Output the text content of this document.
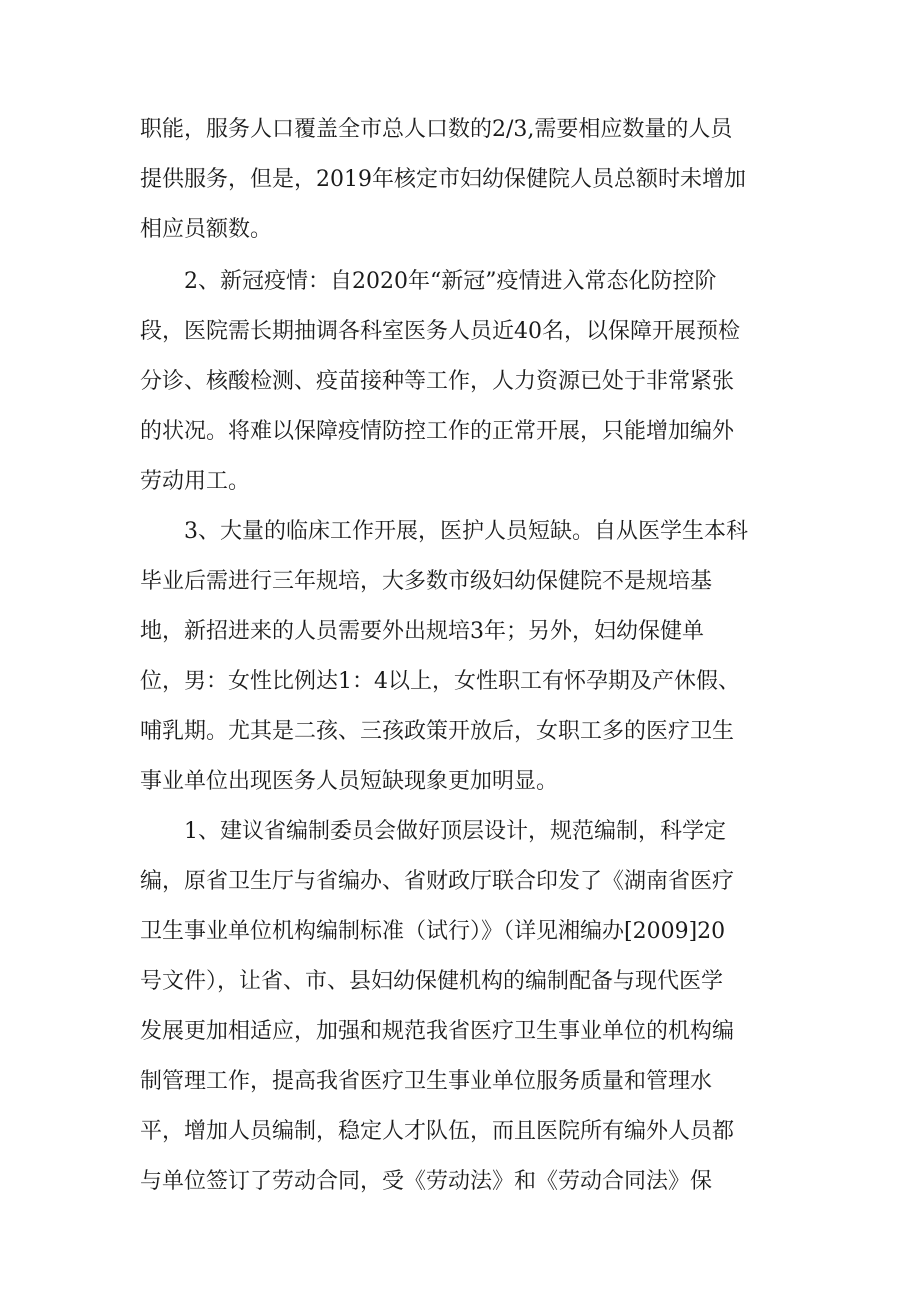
职能，服务人口覆盖全市总人口数的2/3,需要相应数量的人员

提供服务，但是，2019年核定市妇幼保健院人员总额时未增加

相应员额数。

2、新冠疫情：自2020年“新冠”疫情进入常态化防控阶

段，医院需长期抽调各科室医务人员近40名，以保障开展预检

分诊、核酸检测、疫苗接种等工作，人力资源已处于非常紧张

的状况。将难以保障疫情防控工作的正常开展，只能增加编外

劳动用工。

3、大量的临床工作开展，医护人员短缺。自从医学生本科

毕业后需进行三年规培，大多数市级妇幼保健院不是规培基

地，新招进来的人员需要外出规培3年；另外，妇幼保健单

位，男：女性比例达1：4以上，女性职工有怀孕期及产休假、

哺乳期。尤其是二孩、三孩政策开放后，女职工多的医疗卫生

事业单位出现医务人员短缺现象更加明显。

1、建议省编制委员会做好顶层设计，规范编制，科学定

编，原省卫生厅与省编办、省财政厅联合印发了《湖南省医疗

卫生事业单位机构编制标准（试行）》（详见湘编办[2009]20

号文件），让省、市、县妇幼保健机构的编制配备与现代医学

发展更加相适应，加强和规范我省医疗卫生事业单位的机构编

制管理工作，提高我省医疗卫生事业单位服务质量和管理水

平，增加人员编制，稳定人才队伍，而且医院所有编外人员都

与单位签订了劳动合同，受《劳动法》和《劳动合同法》保
